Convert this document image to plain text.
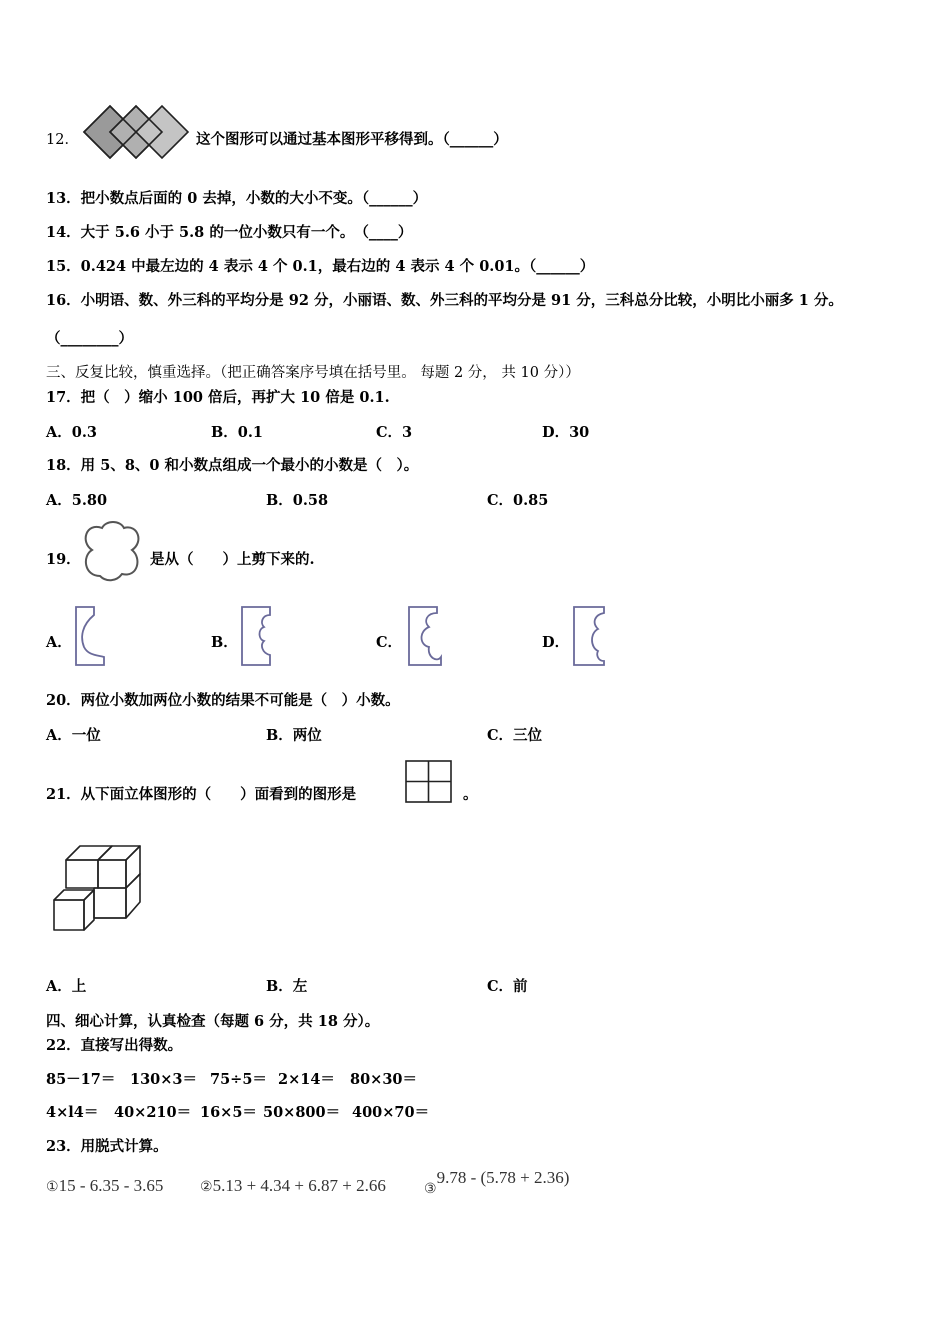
12．	这个图形可以通过基本图形平移得到。（______）
13．把小数点后面的 0 去掉，小数的大小不变。（______）
14．大于 5.6 小于 5.8 的一位小数只有一个。　（____）
15．0.424 中最左边的 4 表示 4 个 0.1，最右边的 4 表示 4 个 0.01。（______）
16．小明语、数、外三科的平均分是 92 分，小丽语、数、外三科的平均分是 91 分，三科总分比较，小明比小丽多 1 分。
（________）
三、反复比较，慎重选择。（把正确答案序号填在括号里。 每题 2 分， 共 10 分））
17．把（　）缩小 100 倍后，再扩大 10 倍是 0.1.
A．0.3	B．0.1	C．3	D．30
18．用 5、8、0 和小数点组成一个最小的小数是（　）。
A．5.80	B．0.58	C．0.85
19．	是从（　　）上剪下来的.
A．	B．	C．	D．
20．两位小数加两位小数的结果不可能是（　）小数。
A．一位	B．两位	C．三位
21．从下面立体图形的（　　）面看到的图形是	。
A．上	B．左	C．前
四、细心计算，认真检查（每题 6 分，共 18 分）。
22．直接写出得数。
85－17＝ 130×3＝ 75÷5＝ 2×14＝ 80×30＝
4×l4＝ 40×210＝ 16×5＝ 50×800＝ 400×70＝
23．用脱式计算。
①15 - 6.35 - 3.65	②5.13 + 4.34 + 6.87 + 2.66	$_③$9.78 - (5.78 + 2.36)
